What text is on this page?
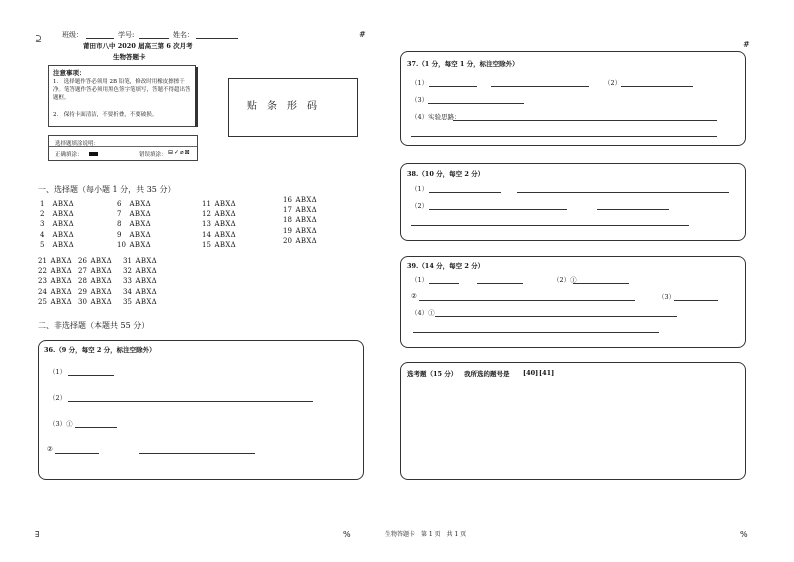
⊇	#
#
∃	%	%
班级：	学号:	姓名：
莆田市八中 2020 届高三第 6 次月考
生物答题卡
注意事项：
1.　选择题作答必须用 2B 铅笔，修改时用橡皮擦擦干净。笔答题作答必须用黑色签字笔填写，答题不得超出答题框。
2.　保持卡面清洁，不要折叠，不要破损。
选择题填涂说明：
正确填涂：	错误填涂： ⊟✓⌀⊠
贴　条　形　码
一、选择题（每小题 1 分，共 35 分）
1 ABXΔ	6 ABXΔ	11 ABXΔ	16 ABXΔ
2 ABXΔ	7 ABXΔ	12 ABXΔ	17 ABXΔ
3 ABXΔ	8 ABXΔ	13 ABXΔ	18 ABXΔ
4 ABXΔ	9 ABXΔ	14 ABXΔ	19 ABXΔ
5 ABXΔ	10 ABXΔ	15 ABXΔ	20 ABXΔ
21 ABXΔ 26 ABXΔ 31 ABXΔ
22 ABXΔ 27 ABXΔ 32 ABXΔ
23 ABXΔ 28 ABXΔ 33 ABXΔ
24 ABXΔ 29 ABXΔ 34 ABXΔ
25 ABXΔ 30 ABXΔ 35 ABXΔ
二、非选择题（本题共 55 分）
36.（9 分，每空 2 分，标注空除外）
（1）
（2）
（3）①
②
37.（1 分，每空 1 分，标注空除外）
（1）	（2）
（3）
（4）实验思路：
38.（10 分，每空 2 分）
（1）
（2）
39.（14 分，每空 2 分）
（1）	（2）①
②	（3）
（4）①
选考题（15 分） 我所选的题号是 [40] [41]
生物答题卡　第 1 页　共 1 页
